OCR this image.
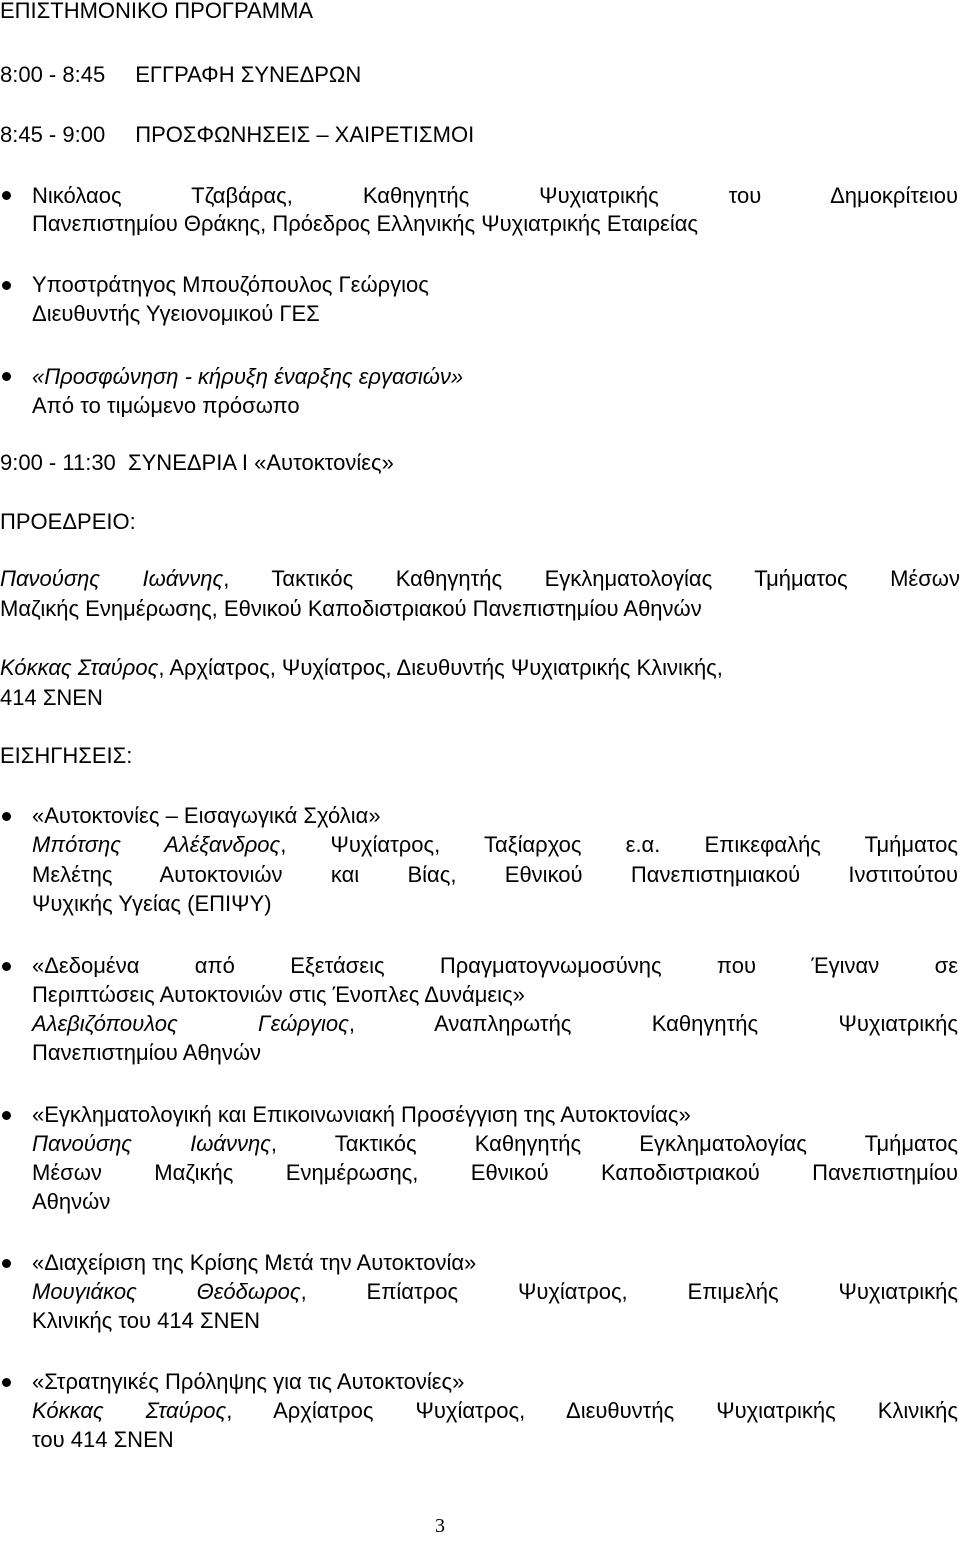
ΕΠΙΣΤΗΜΟΝΙΚΟ ΠΡΟΓΡΑΜΜΑ
8:00 - 8:45 ΕΓΓΡΑΦΗ ΣΥΝΕΔΡΩΝ
8:45 - 9:00 ΠΡΟΣΦΩΝΗΣΕΙΣ – ΧΑΙΡΕΤΙΣΜΟΙ
Νικόλαος Τζαβάρας, Καθηγητής Ψυχιατρικής του Δημοκρίτειου
Πανεπιστημίου Θράκης, Πρόεδρος Ελληνικής Ψυχιατρικής Εταιρείας
Υποστράτηγος Μπουζόπουλος Γεώργιος
Διευθυντής Υγειονομικού ΓΕΣ
«Προσφώνηση - κήρυξη έναρξης εργασιών»
Από το τιμώμενο πρόσωπο
9:00 - 11:30 ΣΥΝΕΔΡΙΑ Ι «Αυτοκτονίες»
ΠΡΟΕΔΡΕΙΟ:
Πανούσης Ιωάννης, Τακτικός Καθηγητής Εγκληματολογίας Τμήματος Μέσων
Μαζικής Ενημέρωσης, Εθνικού Καποδιστριακού Πανεπιστημίου Αθηνών
Κόκκας Σταύρος, Αρχίατρος, Ψυχίατρος, Διευθυντής Ψυχιατρικής Κλινικής,
414 ΣΝΕΝ
ΕΙΣΗΓΗΣΕΙΣ:
«Αυτοκτονίες – Εισαγωγικά Σχόλια»
Μπότσης Αλέξανδρος, Ψυχίατρος, Ταξίαρχος ε.α. Επικεφαλής Τμήματος
Μελέτης Αυτοκτονιών και Βίας, Εθνικού Πανεπιστημιακού Ινστιτούτου
Ψυχικής Υγείας (ΕΠΙΨΥ)
«Δεδομένα από Εξετάσεις Πραγματογνωμοσύνης που Έγιναν σε
Περιπτώσεις Αυτοκτονιών στις Ένοπλες Δυνάμεις»
Αλεβιζόπουλος Γεώργιος, Αναπληρωτής Καθηγητής Ψυχιατρικής
Πανεπιστημίου Αθηνών
«Εγκληματολογική και Επικοινωνιακή Προσέγγιση της Αυτοκτονίας»
Πανούσης Ιωάννης, Τακτικός Καθηγητής Εγκληματολογίας Τμήματος
Μέσων Μαζικής Ενημέρωσης, Εθνικού Καποδιστριακού Πανεπιστημίου
Αθηνών
«Διαχείριση της Κρίσης Μετά την Αυτοκτονία»
Μουγιάκος Θεόδωρος, Επίατρος Ψυχίατρος, Επιμελής Ψυχιατρικής
Κλινικής του 414 ΣΝΕΝ
«Στρατηγικές Πρόληψης για τις Αυτοκτονίες»
Κόκκας Σταύρος, Αρχίατρος Ψυχίατρος, Διευθυντής Ψυχιατρικής Κλινικής
του 414 ΣΝΕΝ
3
